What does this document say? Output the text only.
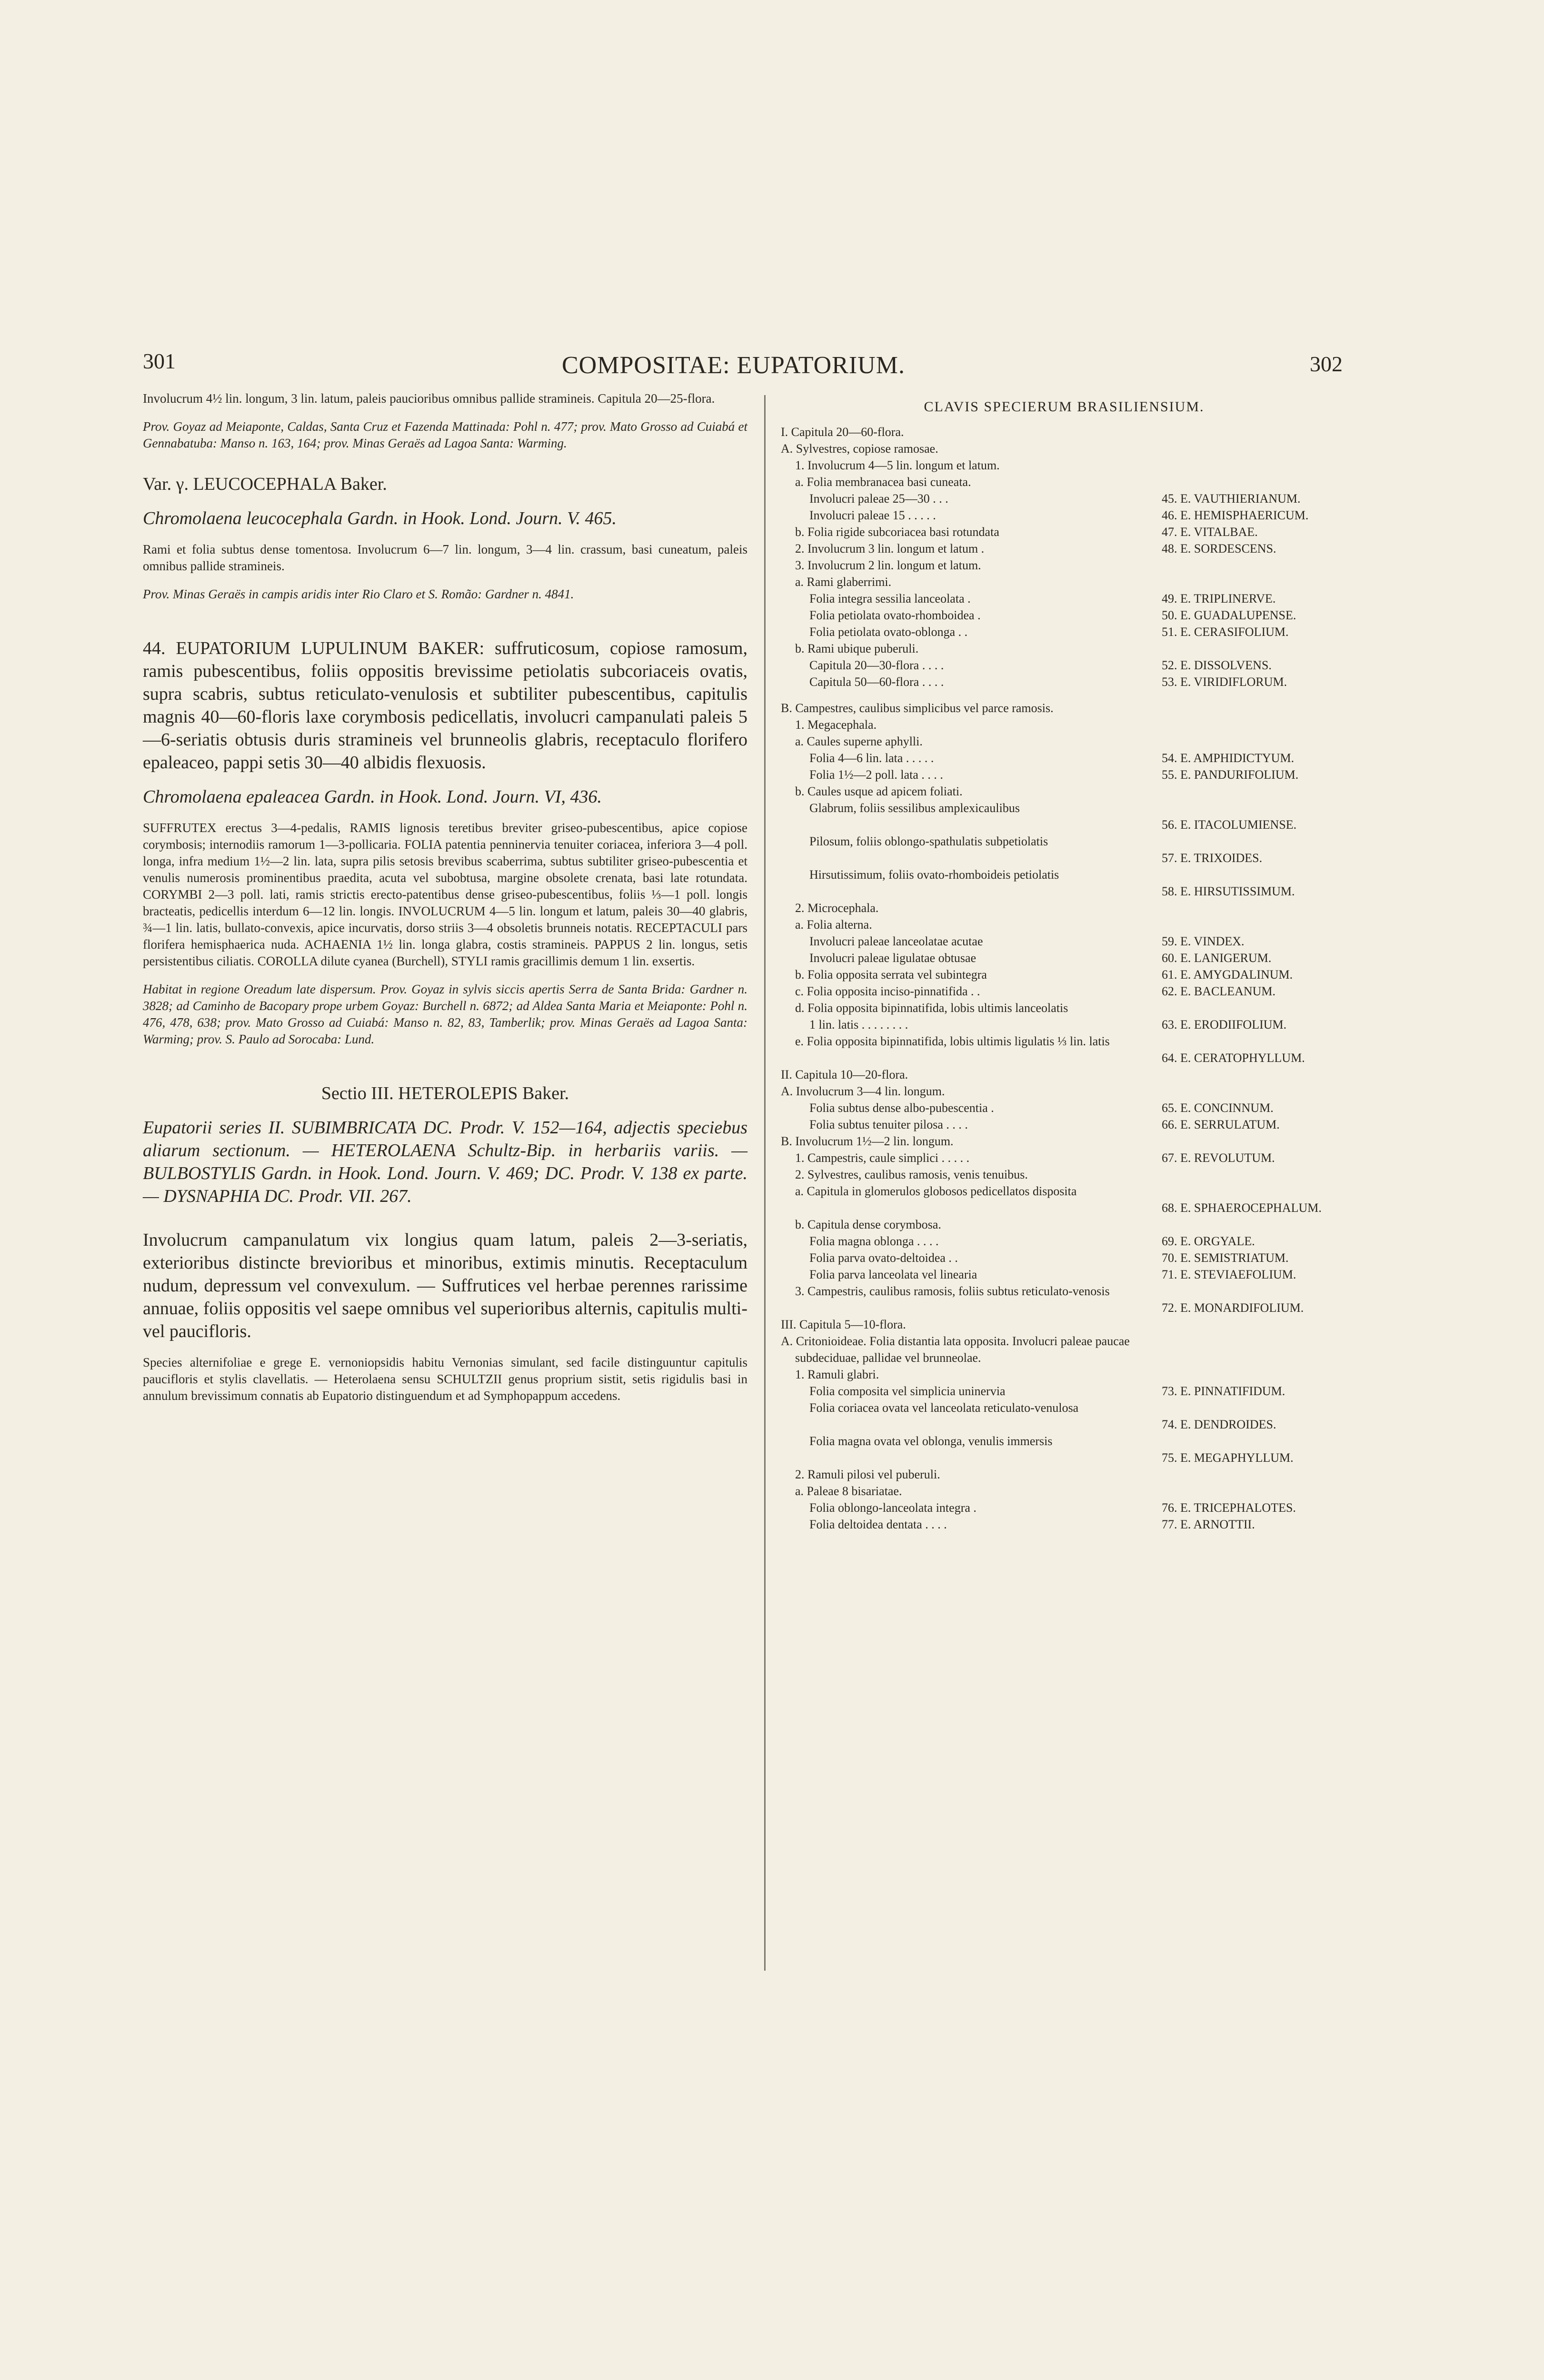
301	COMPOSITAE: EUPATORIUM.	302

Involucrum 4½ lin. longum, 3 lin. latum, paleis paucioribus omnibus pallide stramineis. Capitula 20—25-flora.

Prov. Goyaz ad Meiaponte, Caldas, Santa Cruz et Fazenda Mattinada: Pohl n. 477; prov. Mato Grosso ad Cuiabá et Gennabatuba: Manso n. 163, 164; prov. Minas Geraës ad Lagoa Santa: Warming.

Var. γ. LEUCOCEPHALA Baker.

Chromolaena leucocephala Gardn. in Hook. Lond. Journ. V. 465.

Rami et folia subtus dense tomentosa. Involucrum 6—7 lin. longum, 3—4 lin. crassum, basi cuneatum, paleis omnibus pallide stramineis.

Prov. Minas Geraës in campis aridis inter Rio Claro et S. Romão: Gardner n. 4841.

44. EUPATORIUM LUPULINUM BAKER: suffruticosum, copiose ramosum, ramis pubescentibus, foliis oppositis brevissime petiolatis subcoriaceis ovatis, supra scabris, subtus reticulato-venulosis et subtiliter pubescentibus, capitulis magnis 40—60-floris laxe corymbosis pedicellatis, involucri campanulati paleis 5—6-seriatis obtusis duris stramineis vel brunneolis glabris, receptaculo florifero epaleaceo, pappi setis 30—40 albidis flexuosis.

Chromolaena epaleacea Gardn. in Hook. Lond. Journ. VI, 436.

SUFFRUTEX erectus 3—4-pedalis, RAMIS lignosis teretibus breviter griseo-pubescentibus, apice copiose corymbosis; internodiis ramorum 1—3-pollicaria. FOLIA patentia penninervia tenuiter coriacea, inferiora 3—4 poll. longa, infra medium 1½—2 lin. lata, supra pilis setosis brevibus scaberrima, subtus subtiliter griseo-pubescentia et venulis numerosis prominentibus praedita, acuta vel subobtusa, margine obsolete crenata, basi late rotundata. CORYMBI 2—3 poll. lati, ramis strictis erecto-patentibus dense griseo-pubescentibus, foliis ⅓—1 poll. longis bracteatis, pedicellis interdum 6—12 lin. longis. INVOLUCRUM 4—5 lin. longum et latum, paleis 30—40 glabris, ¾—1 lin. latis, bullato-convexis, apice incurvatis, dorso striis 3—4 obsoletis brunneis notatis. RECEPTACULI pars florifera hemisphaerica nuda. ACHAENIA 1½ lin. longa glabra, costis stramineis. PAPPUS 2 lin. longus, setis persistentibus ciliatis. COROLLA dilute cyanea (Burchell), STYLI ramis gracillimis demum 1 lin. exsertis.

Habitat in regione Oreadum late dispersum. Prov. Goyaz in sylvis siccis apertis Serra de Santa Brida: Gardner n. 3828; ad Caminho de Bacopary prope urbem Goyaz: Burchell n. 6872; ad Aldea Santa Maria et Meiaponte: Pohl n. 476, 478, 638; prov. Mato Grosso ad Cuiabá: Manso n. 82, 83, Tamberlik; prov. Minas Geraës ad Lagoa Santa: Warming; prov. S. Paulo ad Sorocaba: Lund.

Sectio III. HETEROLEPIS Baker.

Eupatorii series II. SUBIMBRICATA DC. Prodr. V. 152—164, adjectis speciebus aliarum sectionum. — HETEROLAENA Schultz-Bip. in herbariis variis. — BULBOSTYLIS Gardn. in Hook. Lond. Journ. V. 469; DC. Prodr. V. 138 ex parte. — DYSNAPHIA DC. Prodr. VII. 267.

Involucrum campanulatum vix longius quam latum, paleis 2—3-seriatis, exterioribus distincte brevioribus et minoribus, extimis minutis. Receptaculum nudum, depressum vel convexulum. — Suffrutices vel herbae perennes rarissime annuae, foliis oppositis vel saepe omnibus vel superioribus alternis, capitulis multi- vel paucifloris.

Species alternifoliae e grege E. vernoniopsidis habitu Vernonias simulant, sed facile distinguuntur capitulis paucifloris et stylis clavellatis. — Heterolaena sensu SCHULTZII genus proprium sistit, setis rigidulis basi in annulum brevissimum connatis ab Eupatorio distinguendum et ad Symphopappum accedens.

CLAVIS SPECIERUM BRASILIENSIUM.
I. Capitula 20—60-flora.
A. Sylvestres, copiose ramosae.
1. Involucrum 4—5 lin. longum et latum.
a. Folia membranacea basi cuneata.
Involucri paleae 25—30 . . .	45. E. VAUTHIERIANUM.
Involucri paleae 15 . . . . .	46. E. HEMISPHAERICUM.
b. Folia rigide subcoriacea basi rotundata	47. E. VITALBAE.
2. Involucrum 3 lin. longum et latum .	48. E. SORDESCENS.
3. Involucrum 2 lin. longum et latum.
a. Rami glaberrimi.
Folia integra sessilia lanceolata .	49. E. TRIPLINERVE.
Folia petiolata ovato-rhomboidea .	50. E. GUADALUPENSE.
Folia petiolata ovato-oblonga . .	51. E. CERASIFOLIUM.
b. Rami ubique puberuli.
Capitula 20—30-flora . . . .	52. E. DISSOLVENS.
Capitula 50—60-flora . . . .	53. E. VIRIDIFLORUM.
B. Campestres, caulibus simplicibus vel parce ramosis.
1. Megacephala.
a. Caules superne aphylli.
Folia 4—6 lin. lata . . . . .	54. E. AMPHIDICTYUM.
Folia 1½—2 poll. lata . . . .	55. E. PANDURIFOLIUM.
b. Caules usque ad apicem foliati.
Glabrum, foliis sessilibus amplexicaulibus
56. E. ITACOLUMIENSE.
Pilosum, foliis oblongo-spathulatis subpetiolatis
57. E. TRIXOIDES.
Hirsutissimum, foliis ovato-rhomboideis petiolatis
58. E. HIRSUTISSIMUM.
2. Microcephala.
a. Folia alterna.
Involucri paleae lanceolatae acutae	59. E. VINDEX.
Involucri paleae ligulatae obtusae	60. E. LANIGERUM.
b. Folia opposita serrata vel subintegra	61. E. AMYGDALINUM.
c. Folia opposita inciso-pinnatifida . .	62. E. BACLEANUM.
d. Folia opposita bipinnatifida, lobis ultimis lanceolatis
1 lin. latis . . . . . . . .	63. E. ERODIIFOLIUM.
e. Folia opposita bipinnatifida, lobis ultimis ligulatis ⅓ lin. latis
64. E. CERATOPHYLLUM.
II. Capitula 10—20-flora.
A. Involucrum 3—4 lin. longum.
Folia subtus dense albo-pubescentia .	65. E. CONCINNUM.
Folia subtus tenuiter pilosa . . . .	66. E. SERRULATUM.
B. Involucrum 1½—2 lin. longum.
1. Campestris, caule simplici . . . . .	67. E. REVOLUTUM.
2. Sylvestres, caulibus ramosis, venis tenuibus.
a. Capitula in glomerulos globosos pedicellatos disposita
68. E. SPHAEROCEPHALUM.
b. Capitula dense corymbosa.
Folia magna oblonga . . . .	69. E. ORGYALE.
Folia parva ovato-deltoidea . .	70. E. SEMISTRIATUM.
Folia parva lanceolata vel linearia	71. E. STEVIAEFOLIUM.
3. Campestris, caulibus ramosis, foliis subtus reticulato-venosis
72. E. MONARDIFOLIUM.
III. Capitula 5—10-flora.
A. Critonioideae. Folia distantia lata opposita. Involucri paleae paucae
subdeciduae, pallidae vel brunneolae.
1. Ramuli glabri.
Folia composita vel simplicia uninervia	73. E. PINNATIFIDUM.
Folia coriacea ovata vel lanceolata reticulato-venulosa
74. E. DENDROIDES.
Folia magna ovata vel oblonga, venulis immersis
75. E. MEGAPHYLLUM.
2. Ramuli pilosi vel puberuli.
a. Paleae 8 bisariatae.
Folia oblongo-lanceolata integra .	76. E. TRICEPHALOTES.
Folia deltoidea dentata . . . .	77. E. ARNOTTII.
